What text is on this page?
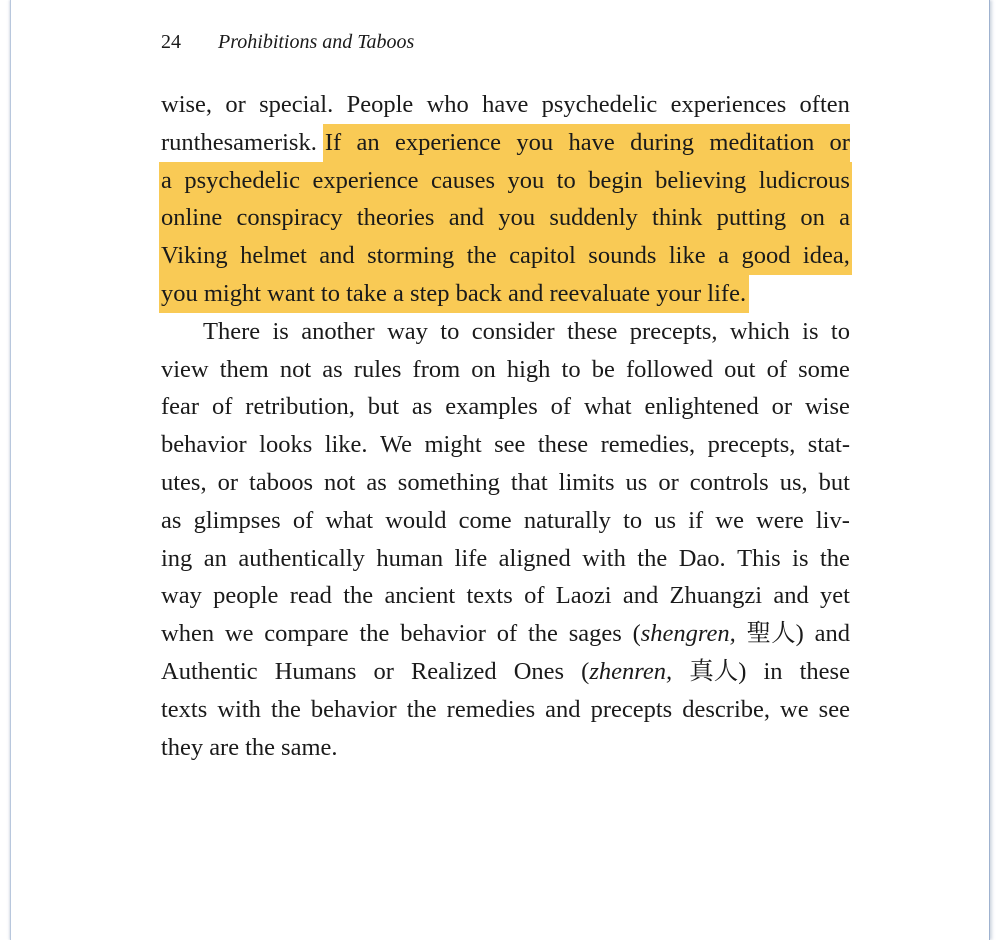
24 Prohibitions and Taboos
wise, or special. People who have psychedelic experiences often
run the same risk. If an experience you have during meditation or
a psychedelic experience causes you to begin believing ludicrous
online conspiracy theories and you suddenly think putting on a
Viking helmet and storming the capitol sounds like a good idea,
you might want to take a step back and reevaluate your life.
There is another way to consider these precepts, which is to
view them not as rules from on high to be followed out of some
fear of retribution, but as examples of what enlightened or wise
behavior looks like. We might see these remedies, precepts, stat-
utes, or taboos not as something that limits us or controls us, but
as glimpses of what would come naturally to us if we were liv-
ing an authentically human life aligned with the Dao. This is the
way people read the ancient texts of Laozi and Zhuangzi and yet
when we compare the behavior of the sages (shengren, 聖人) and
Authentic Humans or Realized Ones (zhenren, 真人) in these
texts with the behavior the remedies and precepts describe, we see
they are the same.
